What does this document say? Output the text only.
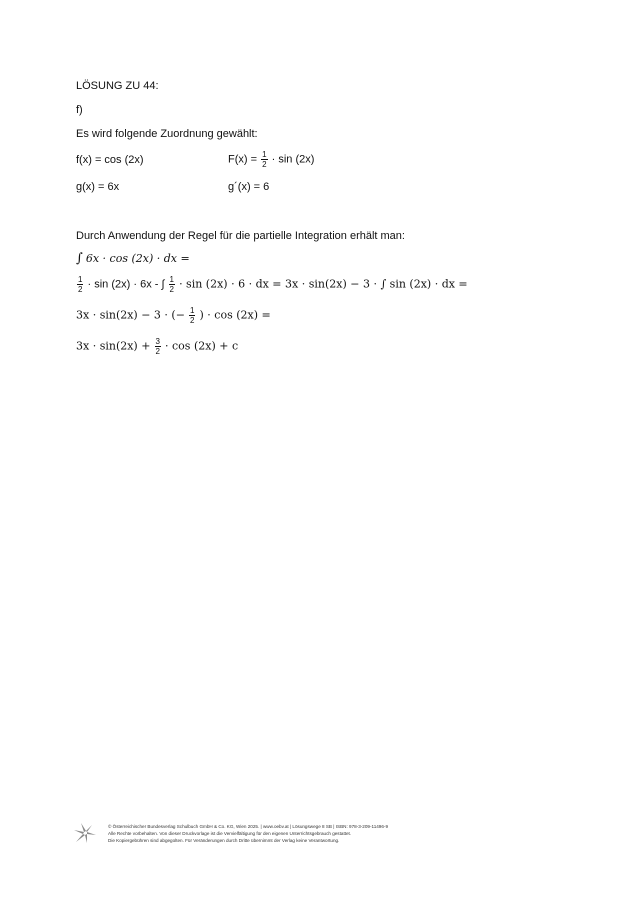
LÖSUNG ZU 44:
f)
Es wird folgende Zuordnung gewählt:
f(x) = cos (2x)	$F(x) = \frac{1}{2} \cdot \sin (2x)$
g(x) = 6x	g´(x) = 6
Durch Anwendung der Regel für die partielle Integration erhält man:
∫ 6x · cos (2x) · dx =
$\frac{1}{2} \cdot \sin (2x) \cdot 6x$ - ∫ $\frac{1}{2} \cdot \sin (2x) \cdot 6$ · dx = 3x · sin(2x) − 3 · ∫ sin (2x) · dx =
3x · sin(2x) − 3 · (− $\frac{1}{2}$ ) · cos (2x) =
$3x \cdot \sin(2x) + \frac{3}{2} \cdot \cos (2x) + c$
© Österreichischer Bundesverlag Schulbuch GmbH & Co. KG, Wien 2025. | www.oebv.at | Lösungswege 8 SB | ISBN: 978-3-209-11496-9
Alle Rechte vorbehalten. Von dieser Druckvorlage ist die Vervielfältigung für den eigenen Unterrichtsgebrauch gestattet.
Die Kopiergebühren sind abgegolten. Für Veränderungen durch Dritte übernimmt der Verlag keine Verantwortung.
